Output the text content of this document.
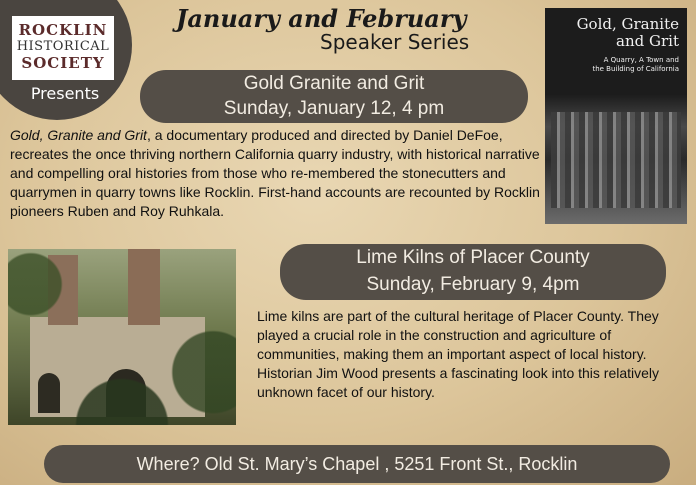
ROCKLIN
HISTORICAL
SOCIETY
Presents
January and February
Speaker Series
Gold Granite and Grit
Sunday, January 12, 4 pm
Gold, Granite and Grit, a documentary produced and directed by Daniel DeFoe, recreates the once thriving northern California quarry industry, with historical narrative and compelling oral histories from those who re-membered the stonecutters and quarrymen in quarry towns like Rocklin. First-hand accounts are recounted by Rocklin pioneers Ruben and Roy Ruhkala.
Gold, Granite
and Grit
A Quarry, A Town and
the Building of California
Lime Kilns of Placer County
Sunday, February 9, 4pm
Lime kilns are part of the cultural heritage of Placer County. They played a crucial role in the construction and agriculture of communities, making them an important aspect of local history. Historian Jim Wood presents a fascinating look into this relatively unknown facet of our history.
Where? Old St. Mary’s Chapel , 5251 Front St., Rocklin
